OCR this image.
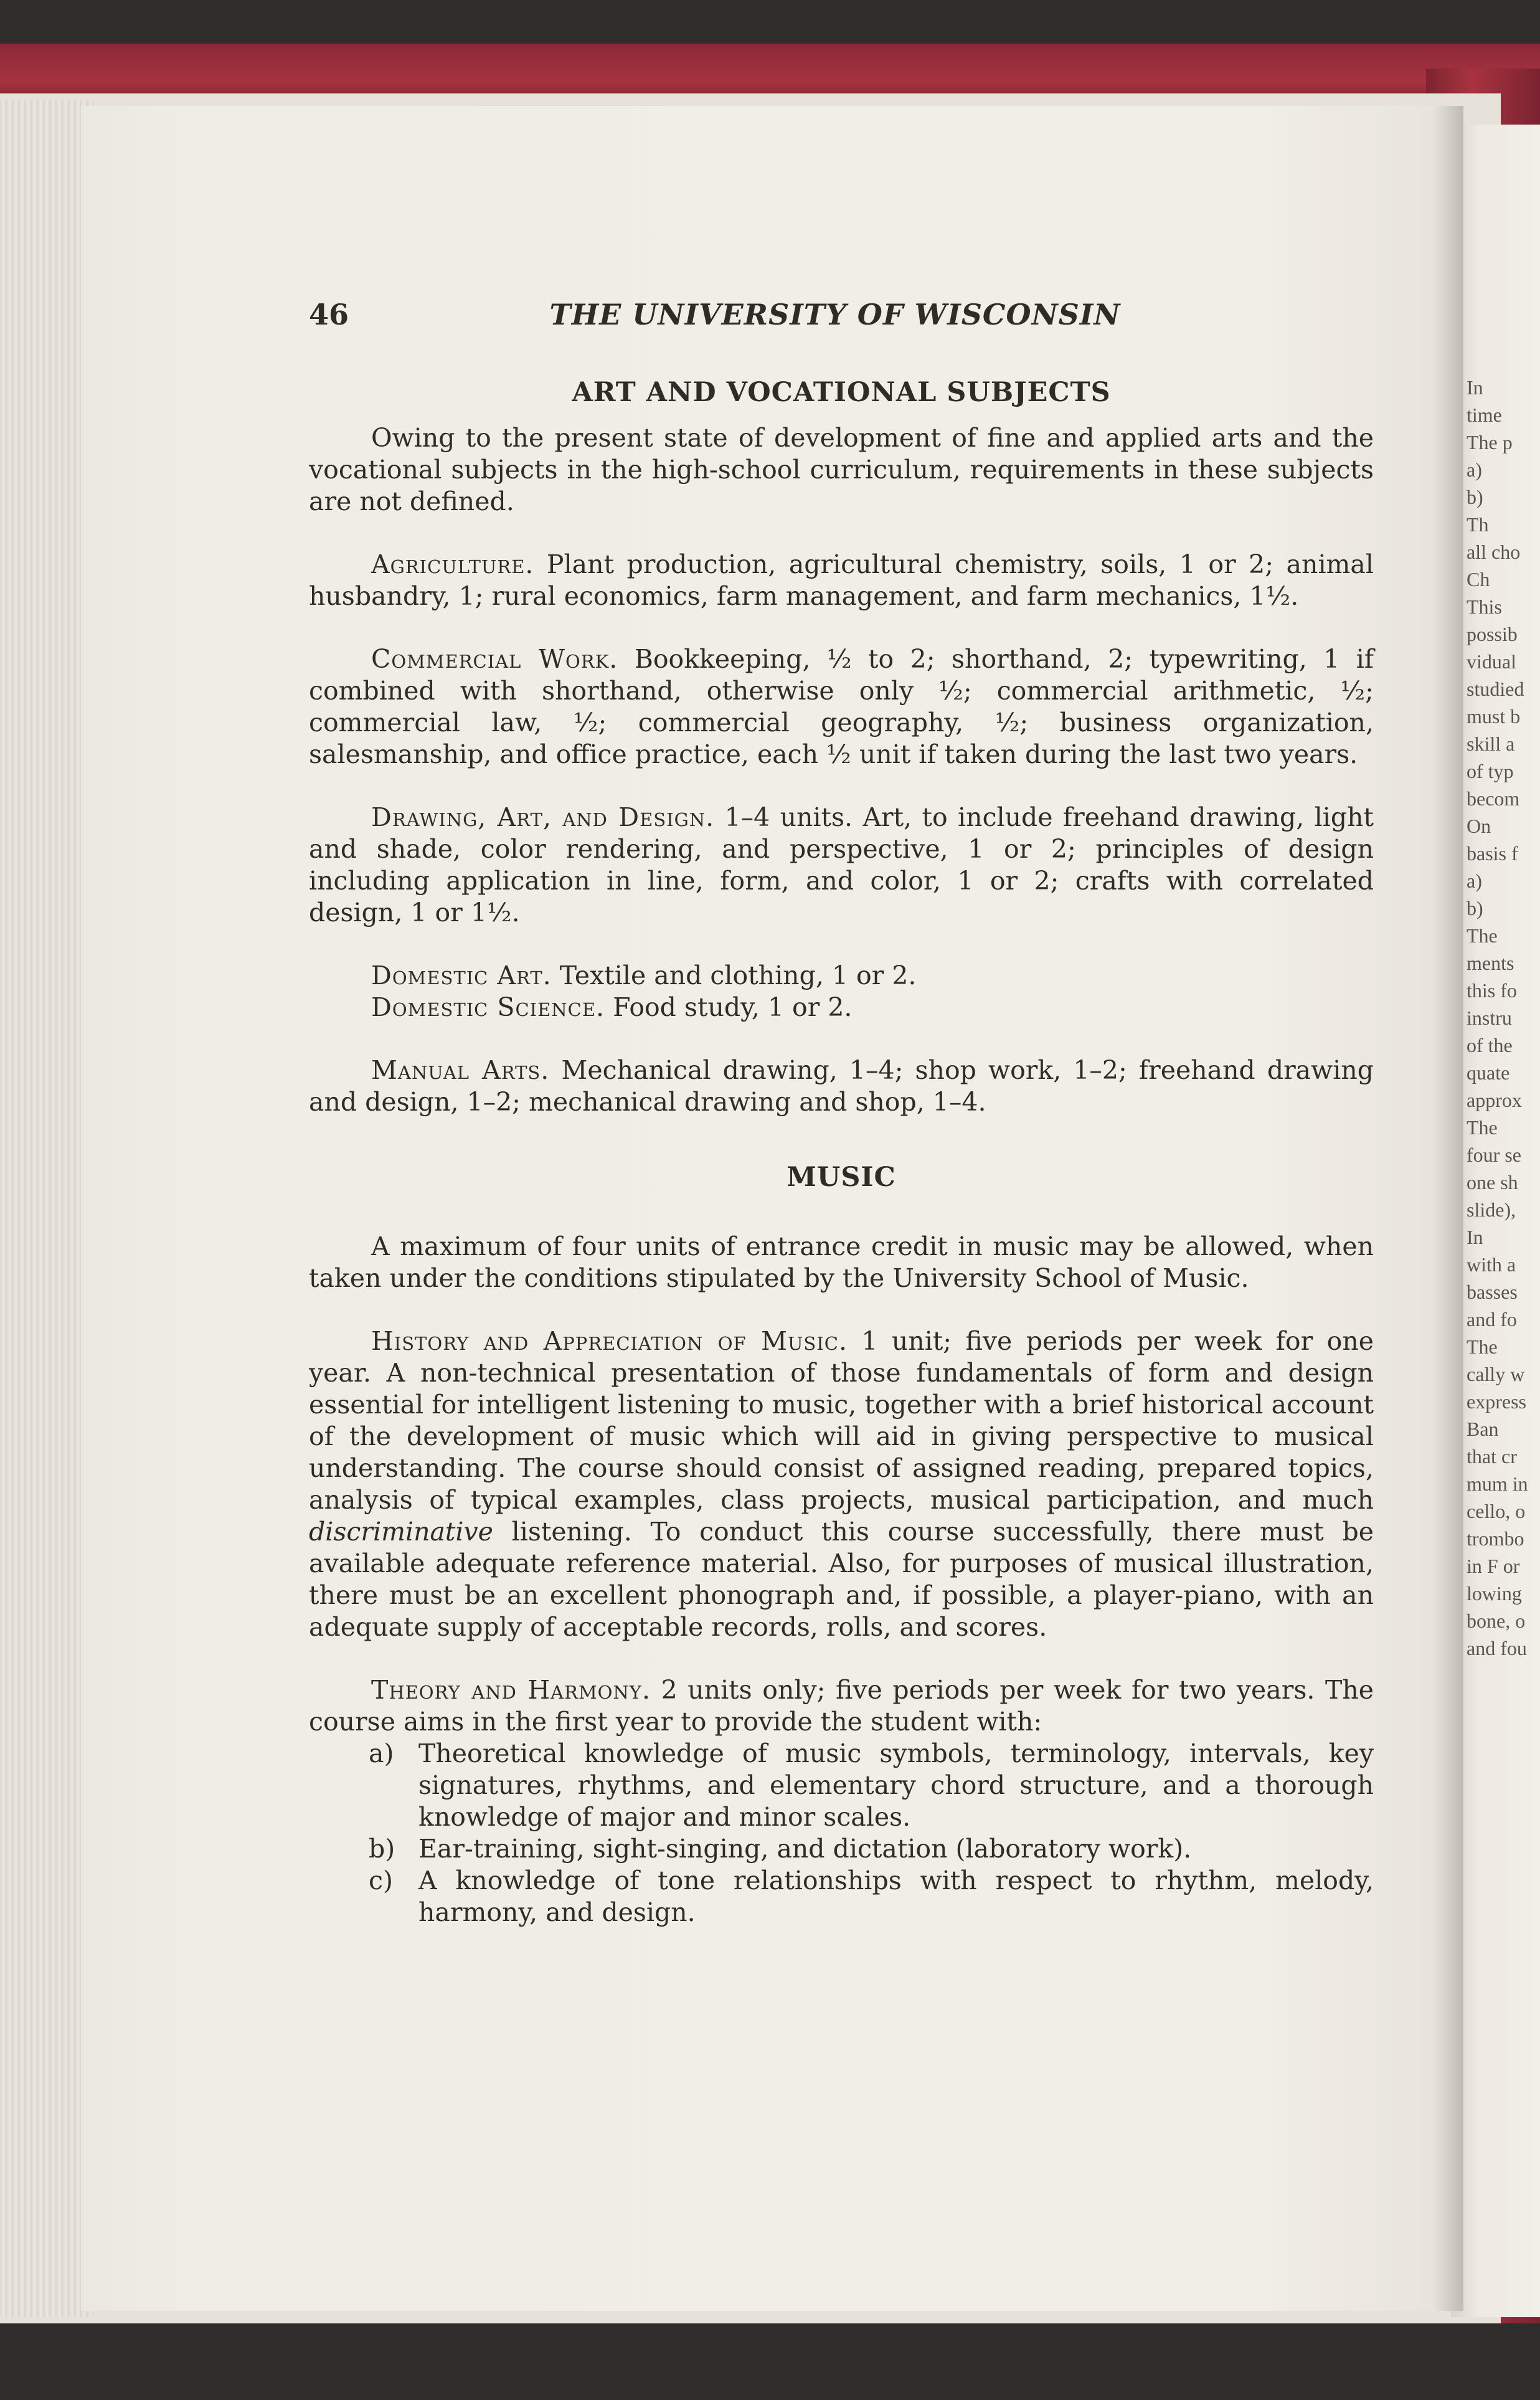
46	THE UNIVERSITY OF WISCONSIN
ART AND VOCATIONAL SUBJECTS

Owing to the present state of development of fine and applied arts and the vocational subjects in the high-school curriculum, requirements in these subjects are not defined.

Agriculture. Plant production, agricultural chemistry, soils, 1 or 2; animal husbandry, 1; rural economics, farm management, and farm mechanics, 1½.

Commercial Work. Bookkeeping, ½ to 2; shorthand, 2; typewriting, 1 if combined with shorthand, otherwise only ½; commercial arithmetic, ½; commercial law, ½; commercial geography, ½; business organization, salesmanship, and office practice, each ½ unit if taken during the last two years.

Drawing, Art, and Design. 1–4 units. Art, to include freehand drawing, light and shade, color rendering, and perspective, 1 or 2; principles of design including application in line, form, and color, 1 or 2; crafts with correlated design, 1 or 1½.

Domestic Art. Textile and clothing, 1 or 2.

Domestic Science. Food study, 1 or 2.

Manual Arts. Mechanical drawing, 1–4; shop work, 1–2; freehand drawing and design, 1–2; mechanical drawing and shop, 1–4.

MUSIC

A maximum of four units of entrance credit in music may be allowed, when taken under the conditions stipulated by the University School of Music.

History and Appreciation of Music. 1 unit; five periods per week for one year. A non-technical presentation of those fundamentals of form and design essential for intelligent listening to music, together with a brief historical account of the development of music which will aid in giving perspective to musical understanding. The course should consist of assigned reading, prepared topics, analysis of typical examples, class projects, musical participation, and much discriminative listening. To conduct this course successfully, there must be available adequate reference material. Also, for purposes of musical illustration, there must be an excellent phonograph and, if possible, a player-piano, with an adequate supply of acceptable records, rolls, and scores.

Theory and Harmony. 2 units only; five periods per week for two years. The course aims in the first year to provide the student with:

a) Theoretical knowledge of music symbols, terminology, intervals, key signatures, rhythms, and elementary chord structure, and a thorough knowledge of major and minor scales.
b) Ear-training, sight-singing, and dictation (laboratory work).
c) A knowledge of tone relationships with respect to rhythm, melody, harmony, and design.
In
time
The p
a)
b)
Th
all cho
Ch
This
possib
vidual
studied
must b
skill a
of typ
becom
On
basis f
a)
b)
The
ments
this fo
instru
of the
quate
approx
The
four se
one sh
slide),
In
with a
basses
and fo
The
cally w
express
Ban
that cr
mum in
cello, o
trombo
in F or
lowing
bone, o
and fou
